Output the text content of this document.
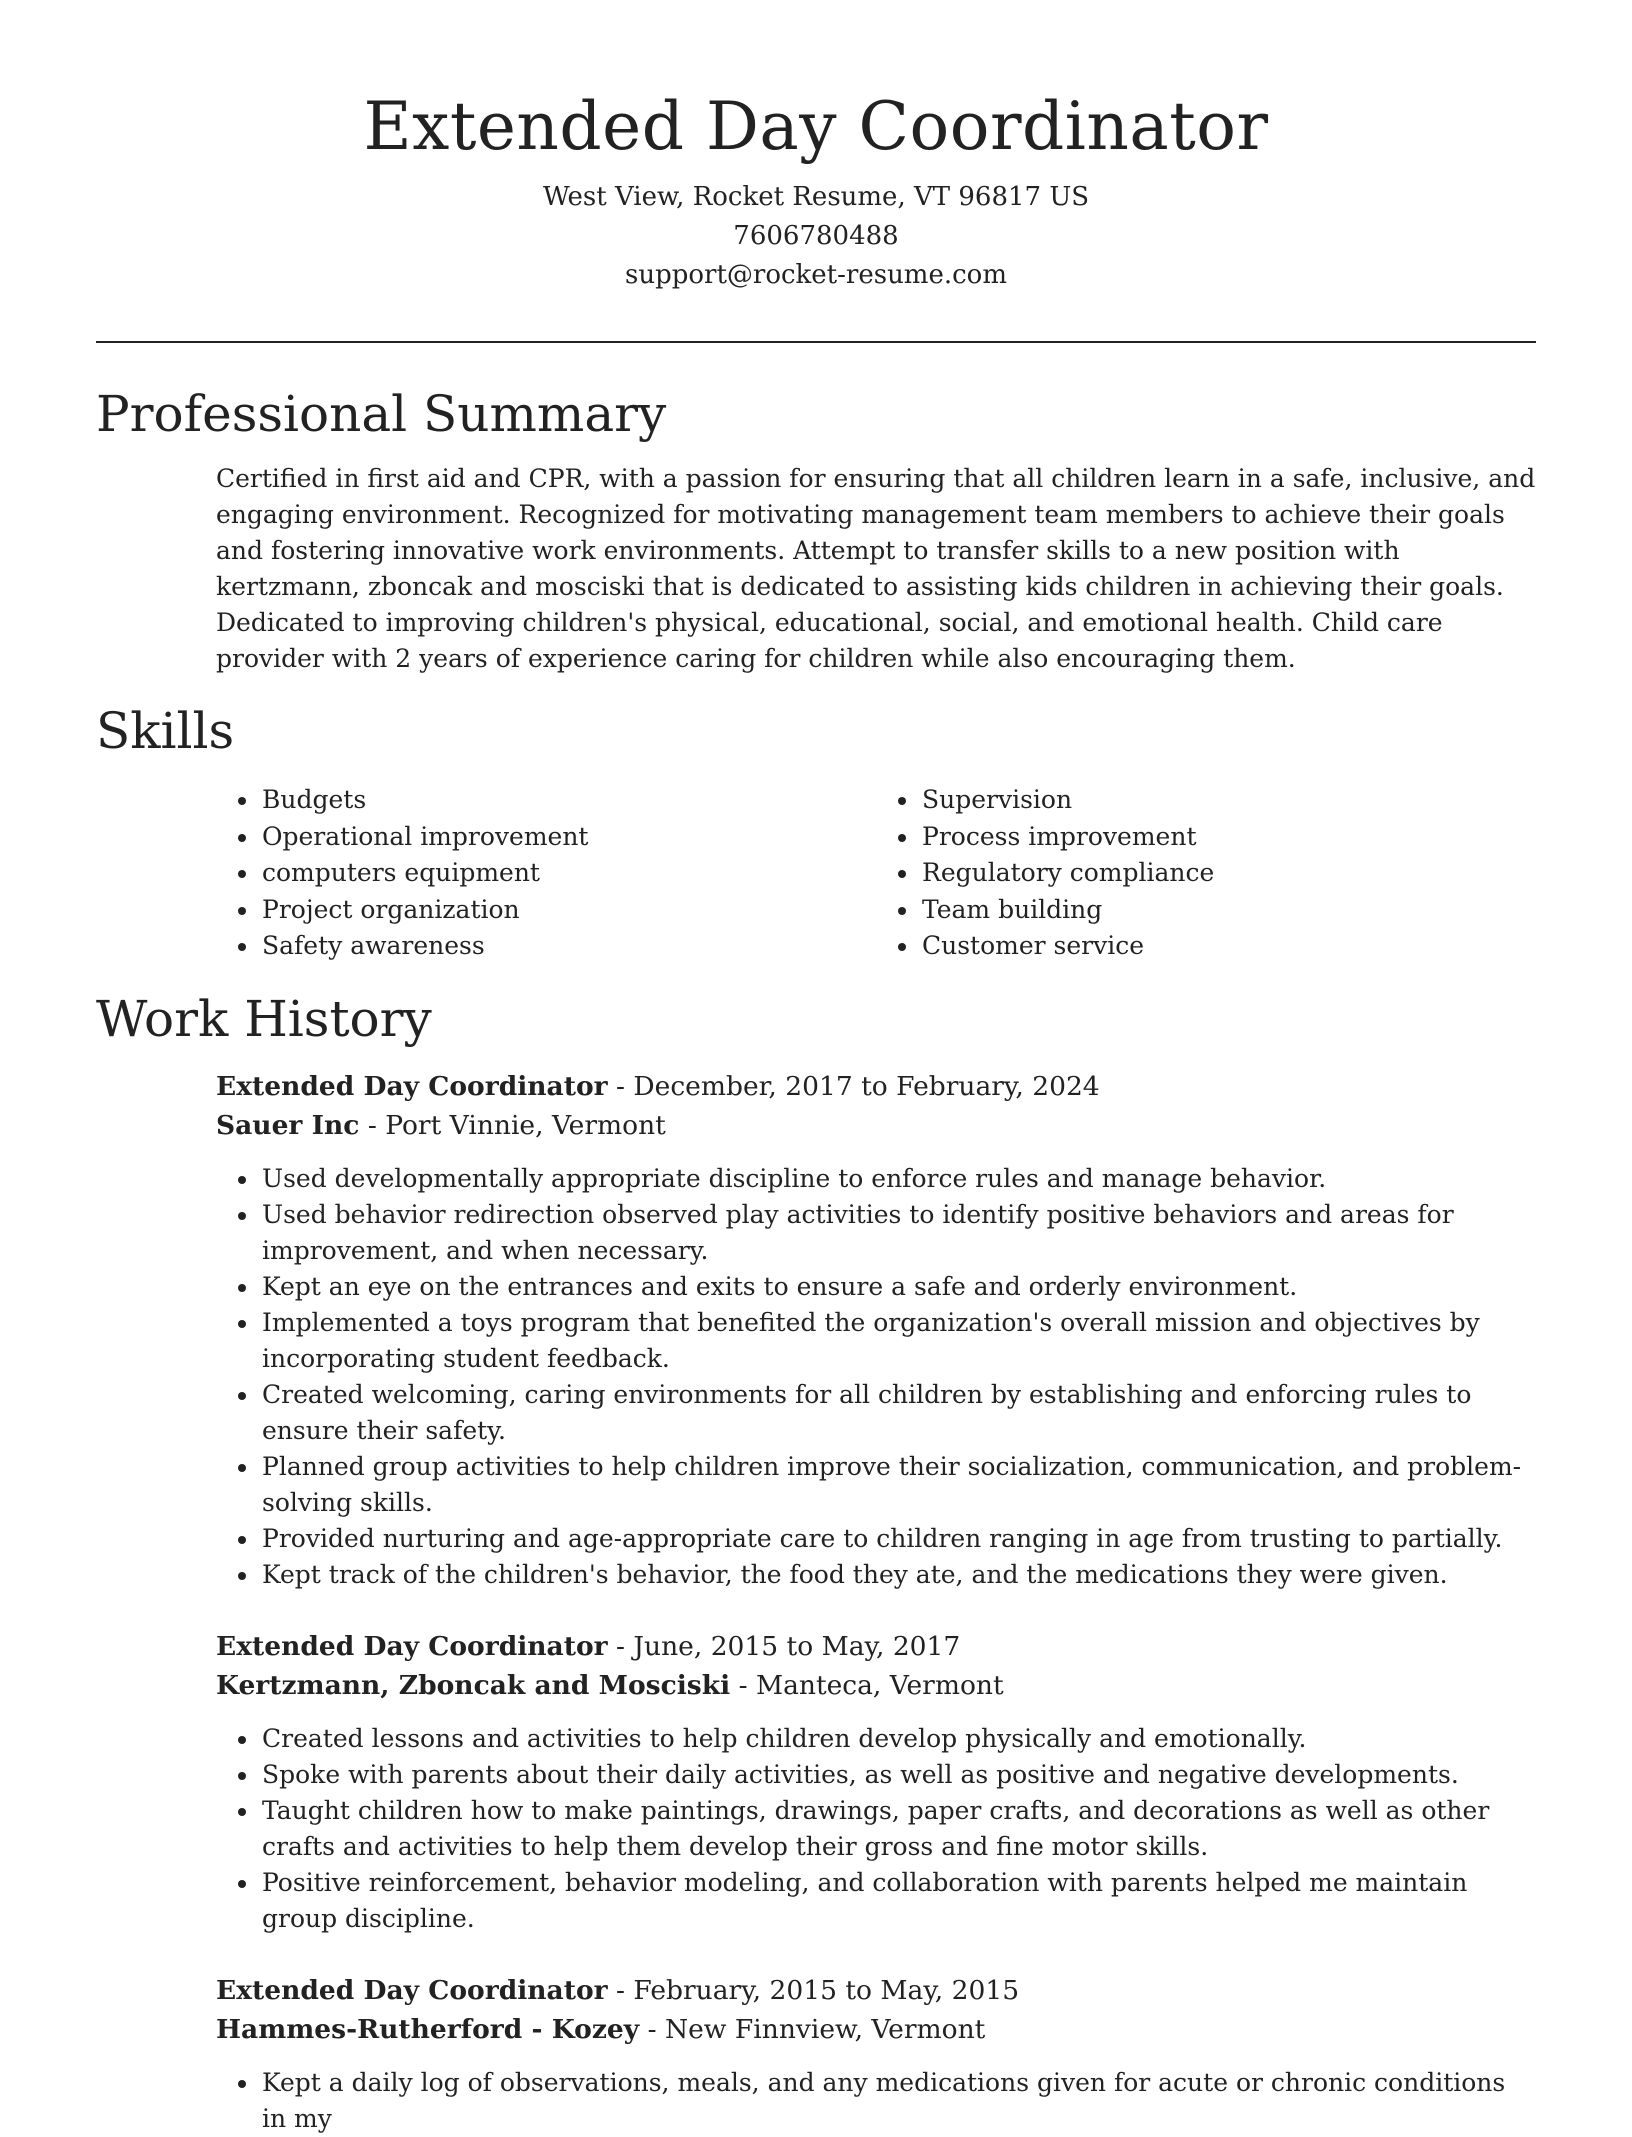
Extended Day Coordinator
West View, Rocket Resume, VT 96817 US
7606780488
support@rocket-resume.com
Professional Summary

Certified in first aid and CPR, with a passion for ensuring that all children learn in a safe, inclusive, and engaging environment. Recognized for motivating management team members to achieve their goals and fostering innovative work environments. Attempt to transfer skills to a new position with kertzmann, zboncak and mosciski that is dedicated to assisting kids children in achieving their goals. Dedicated to improving children's physical, educational, social, and emotional health. Child care provider with 2 years of experience caring for children while also encouraging them.

Skills
• Budgets
• Operational improvement
• computers equipment
• Project organization
• Safety awareness
• Supervision
• Process improvement
• Regulatory compliance
• Team building
• Customer service
Work History
Extended Day Coordinator - December, 2017 to February, 2024
Sauer Inc - Port Vinnie, Vermont
• Used developmentally appropriate discipline to enforce rules and manage behavior.
• Used behavior redirection observed play activities to identify positive behaviors and areas for improvement, and when necessary.
• Kept an eye on the entrances and exits to ensure a safe and orderly environment.
• Implemented a toys program that benefited the organization's overall mission and objectives by incorporating student feedback.
• Created welcoming, caring environments for all children by establishing and enforcing rules to ensure their safety.
• Planned group activities to help children improve their socialization, communication, and problem-solving skills.
• Provided nurturing and age-appropriate care to children ranging in age from trusting to partially.
• Kept track of the children's behavior, the food they ate, and the medications they were given.
Extended Day Coordinator - June, 2015 to May, 2017
Kertzmann, Zboncak and Mosciski - Manteca, Vermont
• Created lessons and activities to help children develop physically and emotionally.
• Spoke with parents about their daily activities, as well as positive and negative developments.
• Taught children how to make paintings, drawings, paper crafts, and decorations as well as other crafts and activities to help them develop their gross and fine motor skills.
• Positive reinforcement, behavior modeling, and collaboration with parents helped me maintain group discipline.
Extended Day Coordinator - February, 2015 to May, 2015
Hammes-Rutherford - Kozey - New Finnview, Vermont
• Kept a daily log of observations, meals, and any medications given for acute or chronic conditions in my
